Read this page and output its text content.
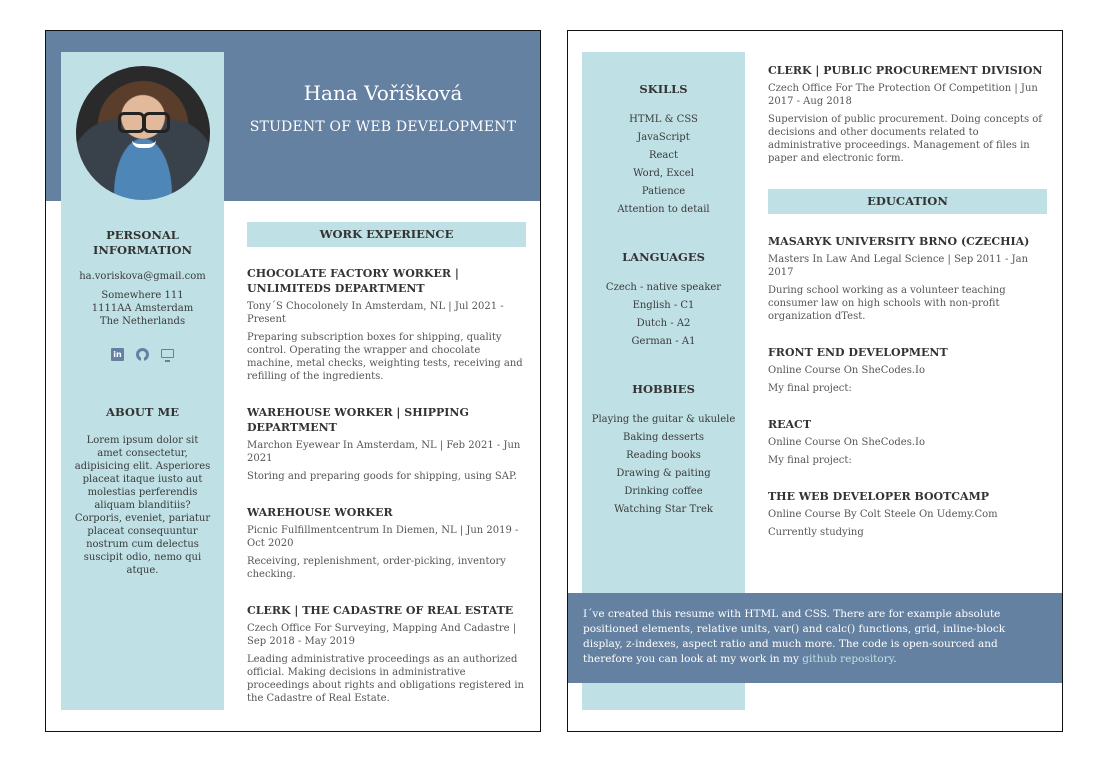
PERSONAL
INFORMATION
ha.voriskova@gmail.com
Somewhere 111
1111AA Amsterdam
The Netherlands
in
ABOUT ME
Lorem ipsum dolor sit amet consectetur, adipisicing elit. Asperiores placeat itaque iusto aut molestias perferendis aliquam blanditiis? Corporis, eveniet, pariatur placeat consequuntur nostrum cum delectus suscipit odio, nemo qui atque.
Hana Voříšková
STUDENT OF WEB DEVELOPMENT
WORK EXPERIENCE
CHOCOLATE FACTORY WORKER | UNLIMITEDS DEPARTMENT
Tony´S Chocolonely In Amsterdam, NL | Jul 2021 - Present
Preparing subscription boxes for shipping, quality control. Operating the wrapper and chocolate machine, metal checks, weighting tests, receiving and refilling of the ingredients.
WAREHOUSE WORKER | SHIPPING DEPARTMENT
Marchon Eyewear In Amsterdam, NL | Feb 2021 - Jun 2021
Storing and preparing goods for shipping, using SAP.
WAREHOUSE WORKER
Picnic Fulfillmentcentrum In Diemen, NL | Jun 2019 - Oct 2020
Receiving, replenishment, order-picking, inventory checking.
CLERK | THE CADASTRE OF REAL ESTATE
Czech Office For Surveying, Mapping And Cadastre | Sep 2018 - May 2019
Leading administrative proceedings as an authorized official. Making decisions in administrative proceedings about rights and obligations registered in the Cadastre of Real Estate.
SKILLS
HTML & CSS
JavaScript
React
Word, Excel
Patience
Attention to detail
LANGUAGES
Czech - native speaker
English - C1
Dutch - A2
German - A1
HOBBIES
Playing the guitar & ukulele
Baking desserts
Reading books
Drawing & paiting
Drinking coffee
Watching Star Trek
CLERK | PUBLIC PROCUREMENT DIVISION
Czech Office For The Protection Of Competition | Jun 2017 - Aug 2018
Supervision of public procurement. Doing concepts of decisions and other documents related to administrative proceedings. Management of files in paper and electronic form.
EDUCATION
MASARYK UNIVERSITY BRNO (CZECHIA)
Masters In Law And Legal Science | Sep 2011 - Jan 2017
During school working as a volunteer teaching consumer law on high schools with non-profit organization dTest.
FRONT END DEVELOPMENT
Online Course On SheCodes.Io
My final project:
REACT
Online Course On SheCodes.Io
My final project:
THE WEB DEVELOPER BOOTCAMP
Online Course By Colt Steele On Udemy.Com
Currently studying
I´ve created this resume with HTML and CSS. There are for example absolute positioned elements, relative units, var() and calc() functions, grid, inline-block display, z-indexes, aspect ratio and much more. The code is open-sourced and therefore you can look at my work in my github repository.
